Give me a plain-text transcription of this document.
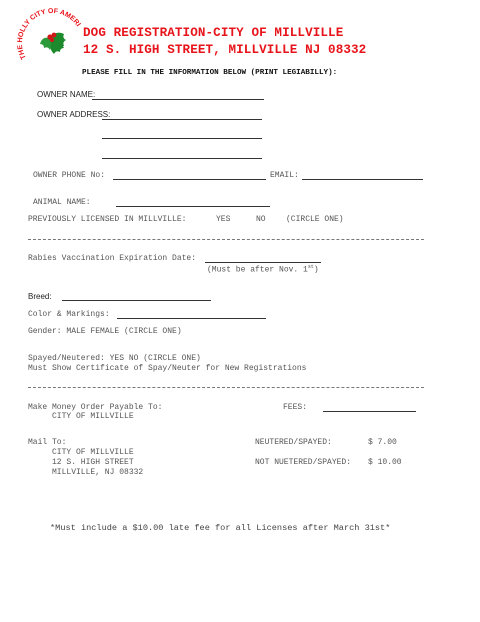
THE HOLLY CITY OF AMERI
DOG REGISTRATION-CITY OF MILLVILLE
12 S. HIGH STREET, MILLVILLE NJ 08332
PLEASE FILL IN THE INFORMATION BELOW (PRINT LEGIABILLY):
OWNER NAME:
OWNER ADDRESS:
OWNER PHONE No:	EMAIL:
ANIMAL NAME:
PREVIOUSLY LICENSED IN MILLVILLE:	YES	NO	(CIRCLE ONE)
Rabies Vaccination Expiration Date:
(Must be after Nov. 1st)
Breed:
Color & Markings:
Gender: MALE FEMALE (CIRCLE ONE)
Spayed/Neutered: YES NO (CIRCLE ONE)
Must Show Certificate of Spay/Neuter for New Registrations
Make Money Order Payable To:
CITY OF MILLVILLE
FEES:
Mail To:
CITY OF MILLVILLE
12 S. HIGH STREET
MILLVILLE, NJ 08332
NEUTERED/SPAYED:	$ 7.00
NOT NUETERED/SPAYED: $ 10.00
*Must include a $10.00 late fee for all Licenses after March 31st*
